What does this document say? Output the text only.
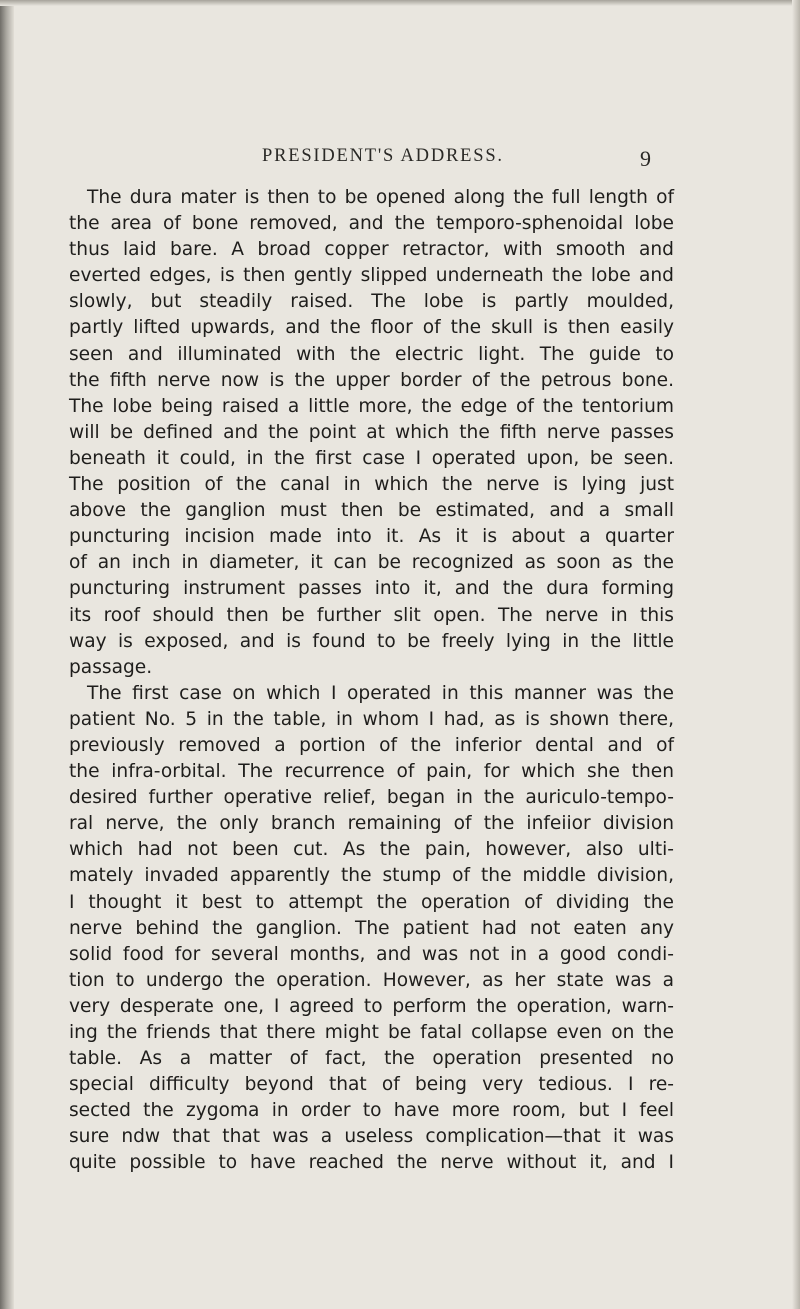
PRESIDENT'S ADDRESS.	9
The dura mater is then to be opened along the full length of
the area of bone removed, and the temporo-sphenoidal lobe
thus laid bare. A broad copper retractor, with smooth and
everted edges, is then gently slipped underneath the lobe and
slowly, but steadily raised. The lobe is partly moulded,
partly lifted upwards, and the floor of the skull is then easily
seen and illuminated with the electric light. The guide to
the fifth nerve now is the upper border of the petrous bone.
The lobe being raised a little more, the edge of the tentorium
will be defined and the point at which the fifth nerve passes
beneath it could, in the first case I operated upon, be seen.
The position of the canal in which the nerve is lying just
above the ganglion must then be estimated, and a small
puncturing incision made into it. As it is about a quarter
of an inch in diameter, it can be recognized as soon as the
puncturing instrument passes into it, and the dura forming
its roof should then be further slit open. The nerve in this
way is exposed, and is found to be freely lying in the little
passage.
The first case on which I operated in this manner was the
patient No. 5 in the table, in whom I had, as is shown there,
previously removed a portion of the inferior dental and of
the infra-orbital. The recurrence of pain, for which she then
desired further operative relief, began in the auriculo-tempo-
ral nerve, the only branch remaining of the infeiior division
which had not been cut. As the pain, however, also ulti-
mately invaded apparently the stump of the middle division,
I thought it best to attempt the operation of dividing the
nerve behind the ganglion. The patient had not eaten any
solid food for several months, and was not in a good condi-
tion to undergo the operation. However, as her state was a
very desperate one, I agreed to perform the operation, warn-
ing the friends that there might be fatal collapse even on the
table. As a matter of fact, the operation presented no
special difficulty beyond that of being very tedious. I re-
sected the zygoma in order to have more room, but I feel
sure ndw that that was a useless complication—that it was
quite possible to have reached the nerve without it, and I
